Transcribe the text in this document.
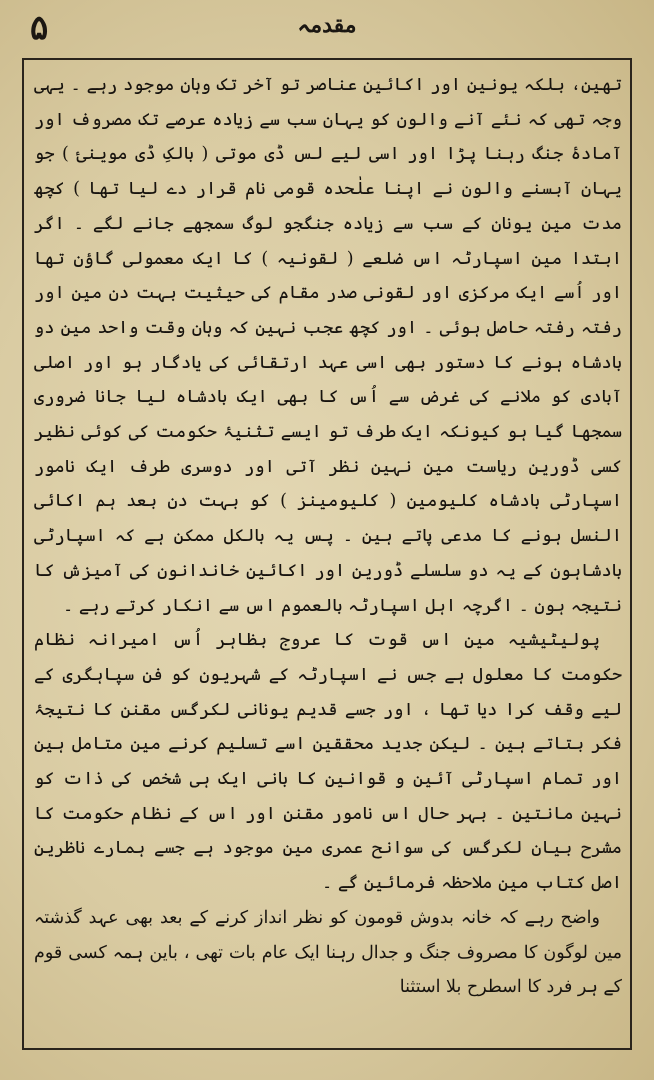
۵	مقدمہ

تھین، بلکہ یونین اور اکائین عناصر تو آخر تک وہان موجود رہے ۔ یہی وجہ تھی کہ نئے آنے والون کو یہان سب سے زیادہ عرصے تک مصروف اور آمادۂ جنگ رہنا پڑا اور اسی لیے لس ڈی موتی ( بالکِ ڈی موینئ ) جو یہان آبسنے والون نے اپنا علٰحدہ قومی نام قرار دے لیا تھا ) کچھ مدت مین یونان کے سب سے زیادہ جنگجو لوگ سمجھے جانے لگے ۔ اگر ابتدا مین اسپارٹہ اس ضلعے ( لقونیہ ) کا ایک معمولی گاؤن تھا اور اُسے ایک مرکزی اور لقونی صدر مقام کی حیثیت بہت دن مین اور رفتہ رفتہ حاصل ہوئی ۔ اور کچھ عجب نہین کہ وہان وقت واحد مین دو بادشاہ ہونے کا دستور بھی اسی عہد ارتقائی کی یادگار ہو اور اصلی آبادی کو ملانے کی غرض سے اُس کا بھی ایک بادشاہ لیا جانا ضروری سمجھا گیا ہو کیونکہ ایک طرف تو ایسے تثنیۂ حکومت کی کوئی نظیر کسی ڈورین ریاست مین نہین نظر آتی اور دوسری طرف ایک نامور اسپارٹی بادشاہ کلیومین ( کلیومینز ) کو بہت دن بعد ہم اکائی النسل ہونے کا مدعی پاتے ہین ۔ پس یہ بالکل ممکن ہے کہ اسپارٹی بادشاہون کے یہ دو سلسلے ڈورین اور اکائین خاندانون کی آمیزش کا نتیجہ ہون ۔ اگرچہ اہل اسپارٹہ بالعموم اس سے انکار کرتے رہے ۔

پولیٹیشیہ مین اس قوت کا عروج بظاہر اُس امیرانہ نظام حکومت کا معلول ہے جس نے اسپارٹہ کے شہریون کو فن سپاہگری کے لیے وقف کرا دیا تھا ، اور جسے قدیم یونانی لکرگس مقنن کا نتیجۂ فکر بتاتے ہین ۔ لیکن جدید محققین اسے تسلیم کرنے مین متامل ہین اور تمام اسپارٹی آئین و قوانین کا بانی ایک ہی شخص کی ذات کو نہین مانتین ۔ بہر حال اس نامور مقنن اور اس کے نظام حکومت کا مشرح بیان لکرگس کی سوانح عمری مین موجود ہے جسے ہمارے ناظرین اصل کتاب مین ملاحظہ فرمائین گے ۔

واضح رہے کہ خانہ بدوش قومون کو نظر انداز کرنے کے بعد بھی عہد گذشتہ مین لوگون کا مصروف جنگ و جدال رہنا ایک عام بات تھی ، باین ہمہ کسی قوم کے ہر فرد کا اسطرح بلا استثنا
